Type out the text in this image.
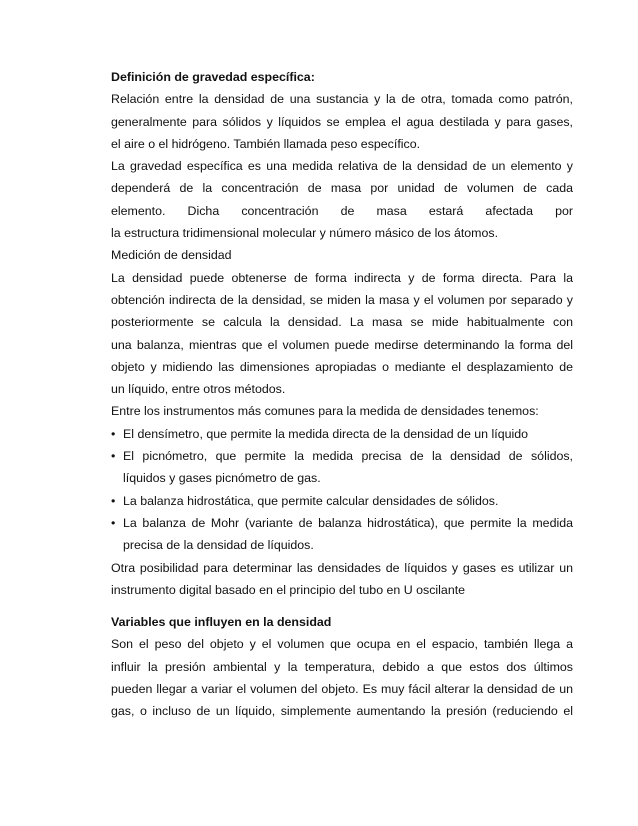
Definición de gravedad específica:
Relación entre la densidad de una sustancia y la de otra, tomada como patrón,
generalmente para sólidos y líquidos se emplea el agua destilada y para gases,
el aire o el hidrógeno. También llamada peso específico.
La gravedad específica es una medida relativa de la densidad de un elemento y
dependerá de la concentración de masa por unidad de volumen de cada
elemento. Dicha concentración de masa estará afectada por
la estructura tridimensional molecular y número másico de los átomos.
Medición de densidad
La densidad puede obtenerse de forma indirecta y de forma directa. Para la
obtención indirecta de la densidad, se miden la masa y el volumen por separado y
posteriormente se calcula la densidad. La masa se mide habitualmente con
una balanza, mientras que el volumen puede medirse determinando la forma del
objeto y midiendo las dimensiones apropiadas o mediante el desplazamiento de
un líquido, entre otros métodos.
Entre los instrumentos más comunes para la medida de densidades tenemos:
• El densímetro, que permite la medida directa de la densidad de un líquido
• El picnómetro, que permite la medida precisa de la densidad de sólidos,
líquidos y gases picnómetro de gas.
• La balanza hidrostática, que permite calcular densidades de sólidos.
• La balanza de Mohr (variante de balanza hidrostática), que permite la medida
precisa de la densidad de líquidos.
Otra posibilidad para determinar las densidades de líquidos y gases es utilizar un
instrumento digital basado en el principio del tubo en U oscilante
Variables que influyen en la densidad
Son el peso del objeto y el volumen que ocupa en el espacio, también llega a
influir la presión ambiental y la temperatura, debido a que estos dos últimos
pueden llegar a variar el volumen del objeto. Es muy fácil alterar la densidad de un
gas, o incluso de un líquido, simplemente aumentando la presión (reduciendo el
